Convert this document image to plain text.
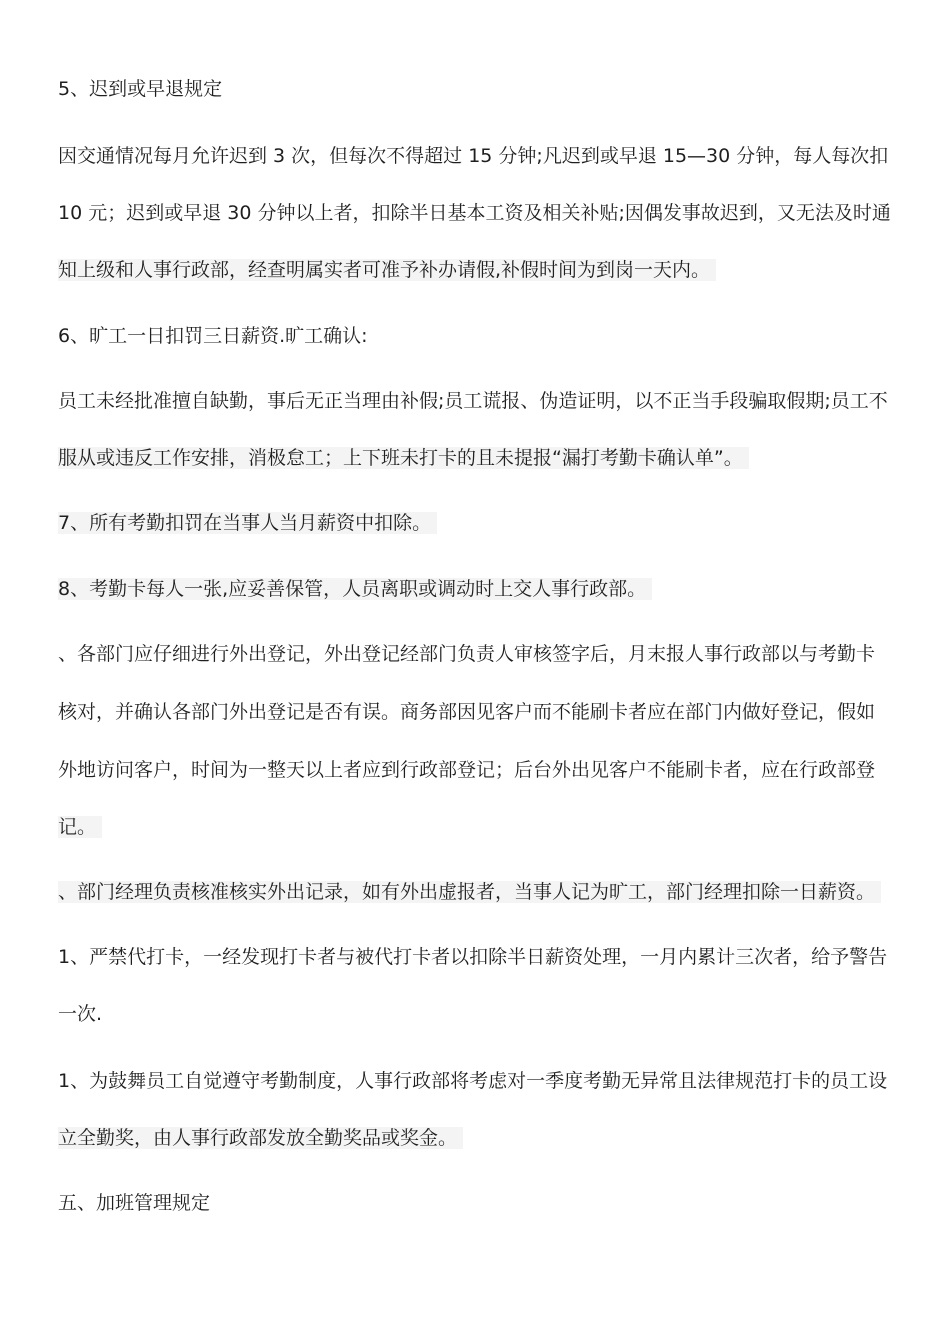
5、迟到或早退规定
因交通情况每月允许迟到 3 次，但每次不得超过 15 分钟;凡迟到或早退 15—30 分钟，每人每次扣
10 元；迟到或早退 30 分钟以上者，扣除半日基本工资及相关补贴;因偶发事故迟到，又无法及时通
知上级和人事行政部，经查明属实者可准予补办请假,补假时间为到岗一天内。
6、旷工一日扣罚三日薪资.旷工确认:
员工未经批准擅自缺勤，事后无正当理由补假;员工谎报、伪造证明，以不正当手段骗取假期;员工不
服从或违反工作安排，消极怠工；上下班未打卡的且未提报“漏打考勤卡确认单”。
7、所有考勤扣罚在当事人当月薪资中扣除。
8、考勤卡每人一张,应妥善保管，人员离职或调动时上交人事行政部。
、各部门应仔细进行外出登记，外出登记经部门负责人审核签字后，月末报人事行政部以与考勤卡
核对，并确认各部门外出登记是否有误。商务部因见客户而不能刷卡者应在部门内做好登记，假如
外地访问客户，时间为一整天以上者应到行政部登记；后台外出见客户不能刷卡者，应在行政部登
记。
、部门经理负责核准核实外出记录，如有外出虚报者，当事人记为旷工，部门经理扣除一日薪资。
1、严禁代打卡，一经发现打卡者与被代打卡者以扣除半日薪资处理，一月内累计三次者，给予警告
一次.
1、为鼓舞员工自觉遵守考勤制度，人事行政部将考虑对一季度考勤无异常且法律规范打卡的员工设
立全勤奖，由人事行政部发放全勤奖品或奖金。
五、加班管理规定
